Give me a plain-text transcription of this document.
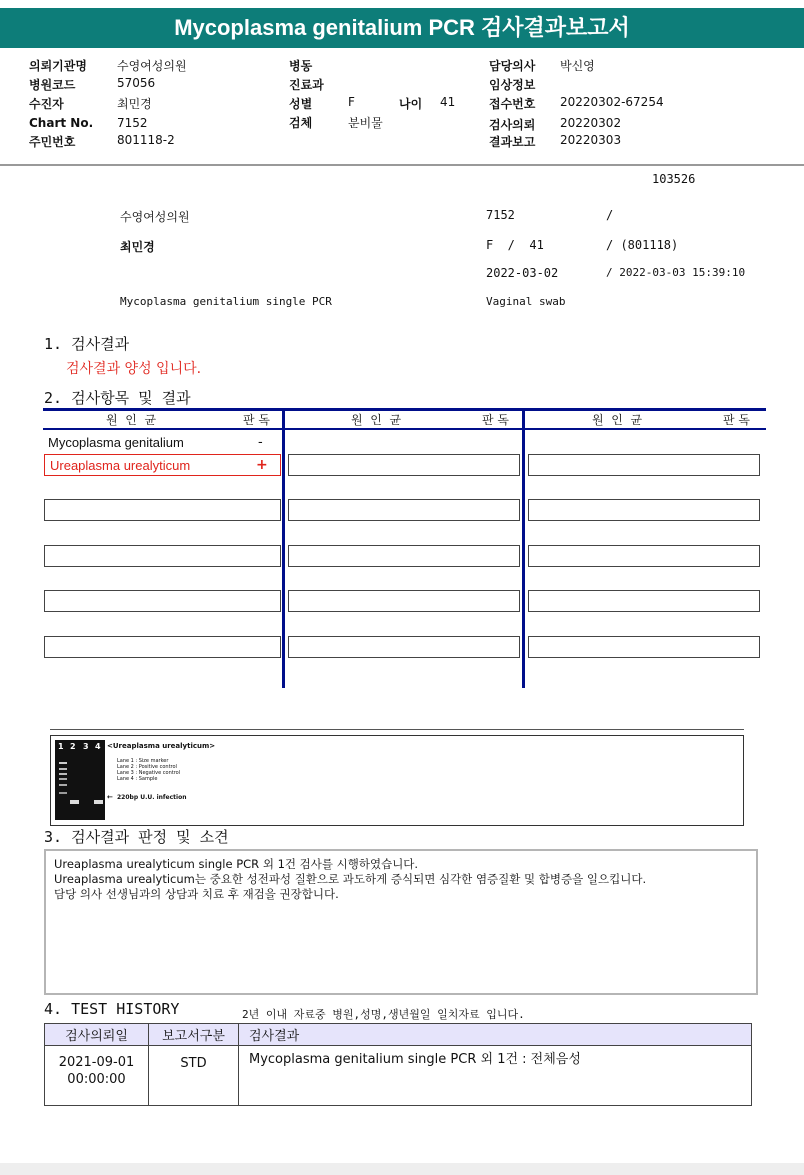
Mycoplasma genitalium PCR 검사결과보고서
의뢰기관명	수영여성의원
병원코드	57056
수진자	최민경
Chart No. 7152
주민번호	801118-2
병동
진료과
성별	F	나이 41
검체	분비물
담당의사 박신영
임상정보
접수번호 20220302-67254
검사의뢰 20220302
결과보고 20220303
103526
수영여성의원	7152	/
최민경	F  /  41	/ (801118)
2022-03-02	/ 2022-03-03 15:39:10
Mycoplasma genitalium single PCR	Vaginal swab
1. 검사결과
검사결과 양성 입니다.
2. 검사항목 및 결과
원  인  균	판 독	원  인  균	판 독	원  인  균	판 독
Mycoplasma genitalium	-
Ureaplasma urealyticum	+
1 2 3 4 <Ureaplasma urealyticum>
Lane 1 : Size marker
Lane 2 : Positive control
Lane 3 : Negative control
Lane 4 : Sample
← 220bp U.U. infection
3. 검사결과 판정 및 소견
Ureaplasma urealyticum single PCR 외 1건 검사를 시행하였습니다.
Ureaplasma urealyticum는 중요한 성전파성 질환으로 과도하게 증식되면 심각한 염증질환 및 합병증을 일으킵니다.
담당 의사 선생님과의 상담과 치료 후 재검을 권장합니다.
4. TEST HISTORY	2년 이내 자료중 병원,성명,생년월일 일치자료 입니다.
검사의뢰일	보고서구분	검사결과

2021-09-01
00:00:00	STD	Mycoplasma genitalium single PCR 외 1건 : 전체음성
